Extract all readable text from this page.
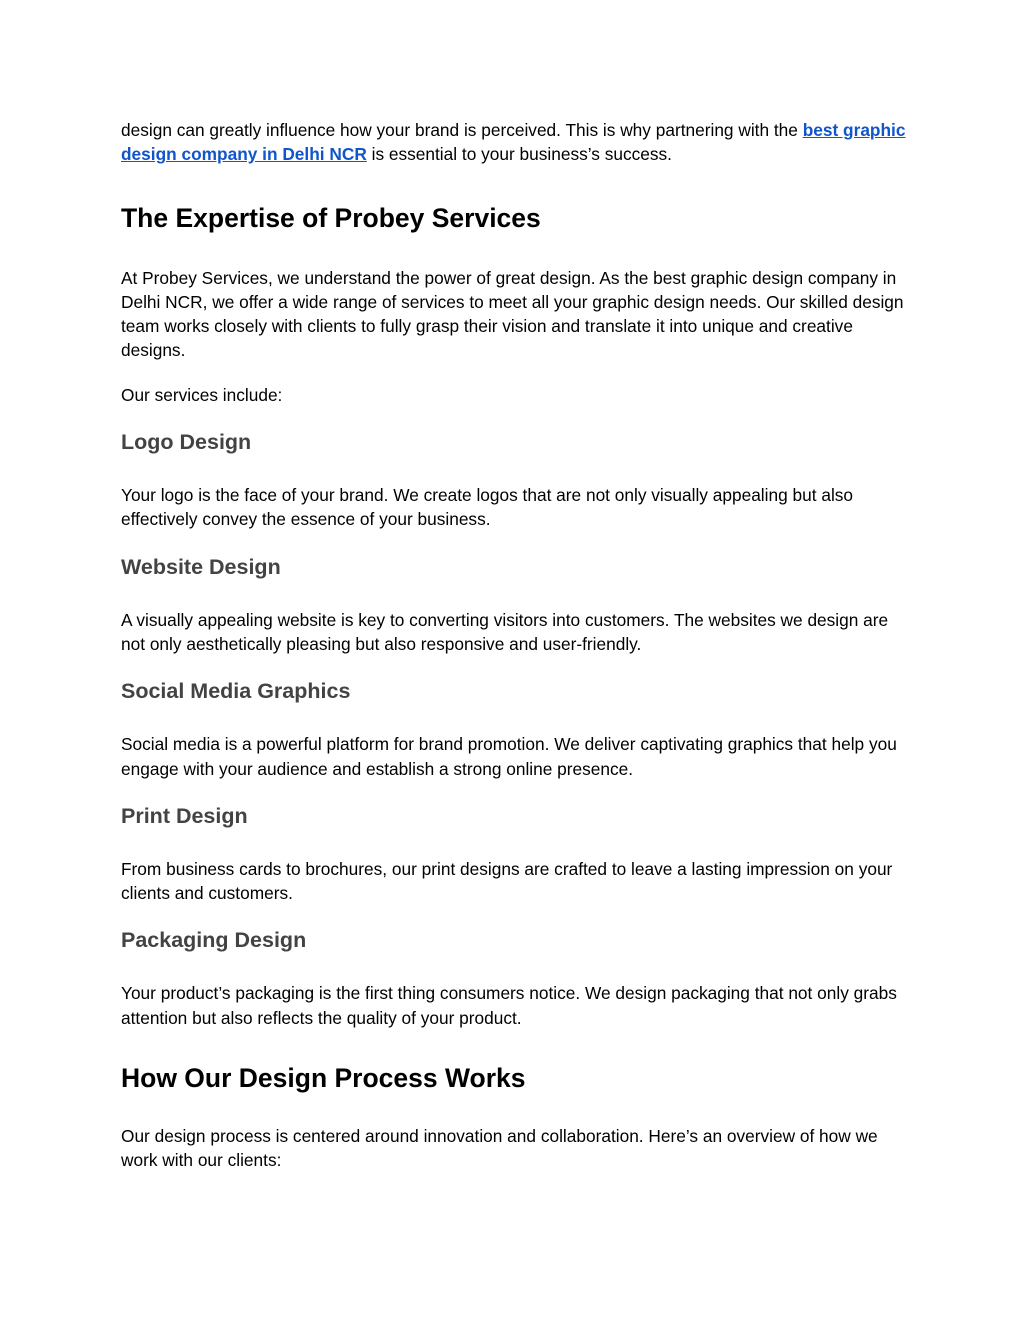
design can greatly influence how your brand is perceived. This is why partnering with the best graphic design company in Delhi NCR is essential to your business’s success.

The Expertise of Probey Services

At Probey Services, we understand the power of great design. As the best graphic design company in Delhi NCR, we offer a wide range of services to meet all your graphic design needs. Our skilled design team works closely with clients to fully grasp their vision and translate it into unique and creative designs.

Our services include:

Logo Design

Your logo is the face of your brand. We create logos that are not only visually appealing but also effectively convey the essence of your business.

Website Design

A visually appealing website is key to converting visitors into customers. The websites we design are not only aesthetically pleasing but also responsive and user-friendly.

Social Media Graphics

Social media is a powerful platform for brand promotion. We deliver captivating graphics that help you engage with your audience and establish a strong online presence.

Print Design

From business cards to brochures, our print designs are crafted to leave a lasting impression on your clients and customers.

Packaging Design

Your product’s packaging is the first thing consumers notice. We design packaging that not only grabs attention but also reflects the quality of your product.

How Our Design Process Works

Our design process is centered around innovation and collaboration. Here’s an overview of how we work with our clients:
